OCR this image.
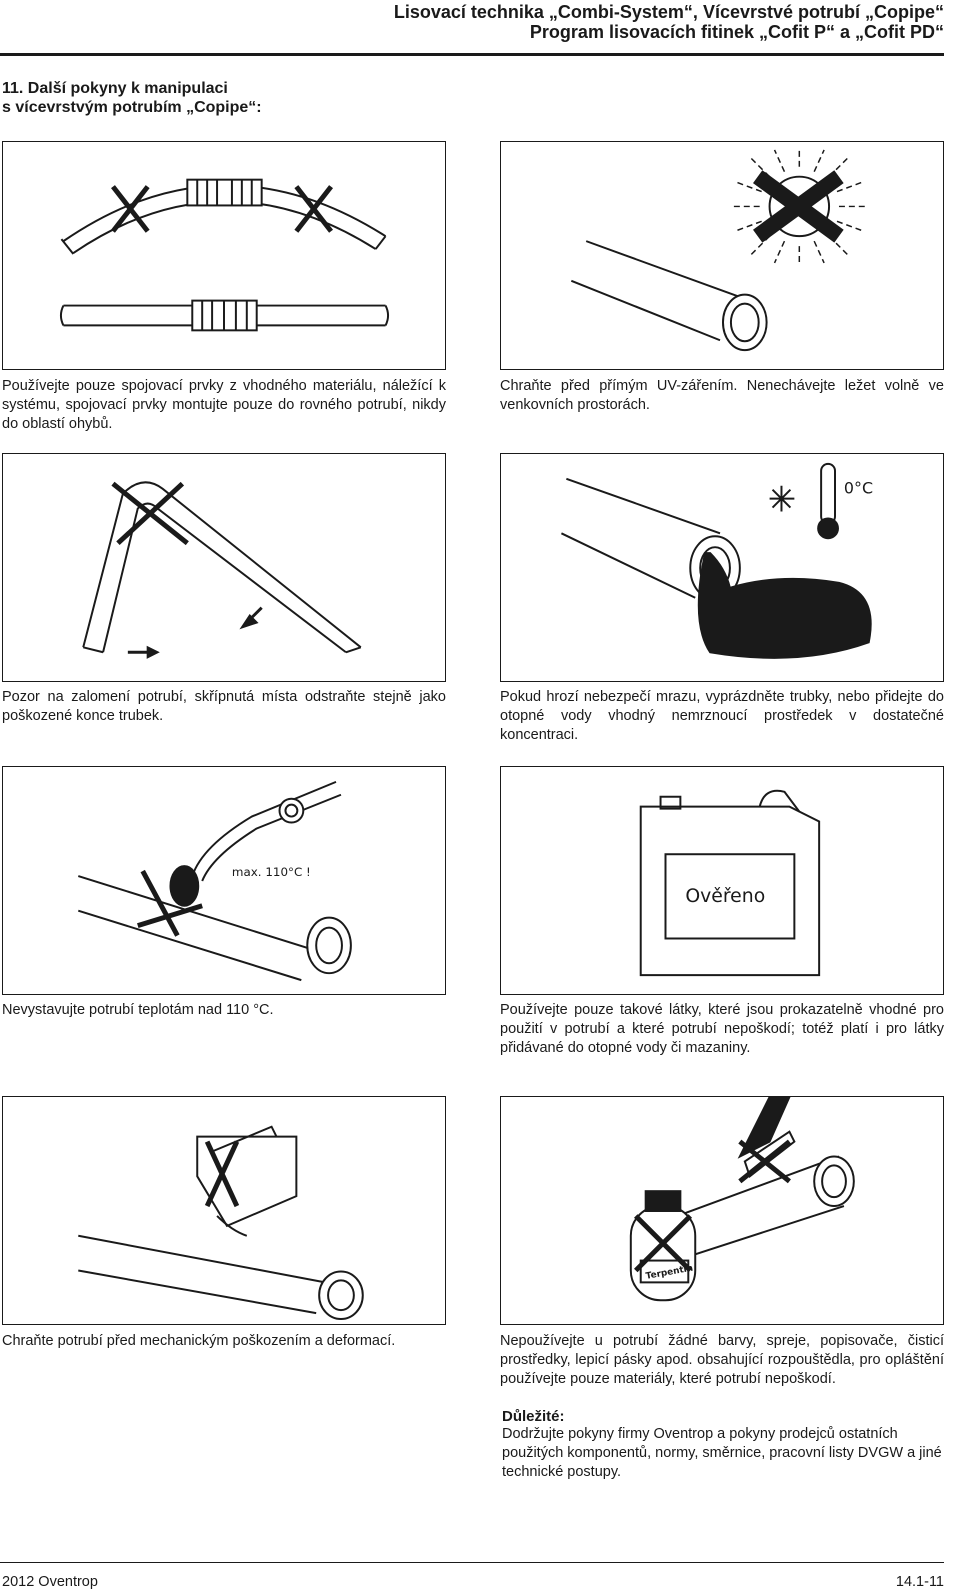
Lisovací technika „Combi-System“, Vícevrstvé potrubí „Copipe“
Program lisovacích fitinek „Cofit P“ a „Cofit PD“
11. Další pokyny k manipulaci
s vícevrstvým potrubím „Copipe“:
Používejte pouze spojovací prvky z vhodného materiálu, náležící k systému, spojovací prvky montujte pouze do rovného potrubí, nikdy do oblastí ohybů.
Chraňte před přímým UV-zářením. Nenechávejte ležet volně ve venkovních prostorách.
Pozor na zalomení potrubí, skřípnutá místa odstraňte stejně jako poškozené konce trubek.
0°C
Pokud hrozí nebezpečí mrazu, vyprázdněte trubky, nebo přidejte do otopné vody vhodný nemrznoucí prostředek v dostatečné koncentraci.
max. 110°C !
Nevystavujte potrubí teplotám nad 110 °C.
Ověřeno
Používejte pouze takové látky, které jsou prokazatelně vhodné pro použití v potrubí a které potrubí nepoškodí; totéž platí i pro látky přidávané do otopné vody či mazaniny.
Chraňte potrubí před mechanickým poškozením a deformací.
Terpentin
Nepoužívejte u potrubí žádné barvy, spreje, popisovače, čisticí prostředky, lepicí pásky apod. obsahující rozpouštědla, pro opláštění používejte pouze materiály, které potrubí nepoškodí.
Důležité:
Dodržujte pokyny firmy Oventrop a pokyny prodejců ostatních použitých komponentů, normy, směrnice, pracovní listy DVGW a jiné technické postupy.
2012 Oventrop	14.1-11
